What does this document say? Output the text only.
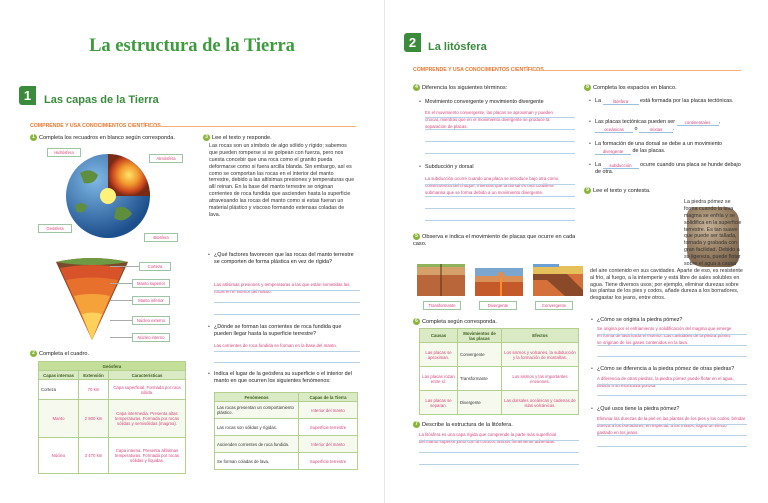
La estructura de la Tierra
1	Las capas de la Tierra
COMPRENDE Y USA CONOCIMIENTOS CIENTÍFICOS
1 Completa los recuadros en blanco según corresponda.
Hidrósfera
Atmósfera
Geósfera
Biosfera
Corteza
Manto superior
Manto inferior
Núcleo externo
Núcleo interno
2 Completa el cuadro.
Geósfera		
Capas internas	Extensión	Características
Corteza	70 km	Capa superficial. Formada por roca sólida.
Manto	2 800 km	Capa intermedia. Presenta altas temperaturas. Formada por rocas sólidas y semisólidas (magma).
Núcleo	3 470 km	Capa interna. Presenta altísimas temperaturas. Formada por rocas sólidas y líquidas.
3 Lee el texto y responde.
Las rocas son un símbolo de algo sólido y rígido; sabemos que pueden romperse si se golpean con fuerza, pero nos cuesta concebir que una roca como el granito pueda deformarse como si fuera arcilla blanda. Sin embargo, así es como se comportan las rocas en el interior del manto terrestre, debido a las altísimas presiones y temperaturas que allí reinan. En la base del manto terrestre se originan corrientes de roca fundida que ascienden hasta la superficie atravesando las rocas del manto como si estas fueran un material plástico y viscoso formando extensas coladas de lava.
• ¿Qué factores favorecen que las rocas del manto terrestre se comporten de forma plástica en vez de rígida?
Las altísimas presiones y temperaturas a las que están sometidas las
rocas en el interior del manto.
• ¿Dónde se forman las corrientes de roca fundida que pueden llegar hasta la superficie terrestre?
Las corrientes de roca fundida se forman en la base del manto.
• Indica el lugar de la geósfera su superficie o el interior del manto en que ocurren los siguientes fenómenos:
Fenómenos	Capas de la Tierra
Las rocas presentan un comportamiento plástico.	Interior del manto
Las rocas son sólidas y rígidas.	Superficie terrestre
Ascienden corrientes de roca fundida.	Interior del manto
Se forman coladas de lava.	Superficie terrestre
2	La litósfera
COMPRENDE Y USA CONOCIMIENTOS CIENTÍFICOS
4 Diferencia los siguientes términos:
• Movimiento convergente y movimiento divergente
En el movimiento convergente, las placas se aproximan y pueden
chocar, mientras que en el movimiento divergente se produce la
separación de placas.
• Subducción y dorsal
La subducción ocurre cuando una placa se introduce bajo otra como
consecuencia del choque, mientras que la dorsal es una cordillera
submarina que se forma debido a un movimiento divergente.
5 Observa e indica el movimiento de placas que ocurre en cada caso.
Transformante	Divergente	Convergente
6 Completa según corresponda.
Causas	Movimientos de las placas	Efectos
Las placas se aproximan.	Convergente	Los sismos y volcanes, la subducción y la formación de montañas.
Las placas rozan entre sí.	Transformante	Los sismos y las importantes erosiones.
Las placas se separan.	Divergente	Las dorsales oceánicas y cadenas de islas volcánicas.
7 Describe la estructura de la litósfera.
La litósfera es una capa rígida que comprende la parte más superficial
del manto superior junto con la corteza, ambos firmemente adheridas.
8 Completa los espacios en blanco.
• La	litósfera está formada por las placas tectónicas.
• Las placas tectónicas pueden ser continentales , oceánicas o	mixtas .
• La formación de una dorsal se debe a un movimiento divergente de las placas.
• La subducción ocurre cuando una placa se hunde debajo de otra.
9 Lee el texto y contesta.
La piedra pómez se forma cuando la lava magma se enfría y se solidifica en la superficie terrestre. Es tan suave que puede ser tallada, tornada y grabada con gran facilidad. Debido a su ligereza, puede flotar sobre el agua a causa del aire contenido en sus cavidades. Aparte de eso, es resistente al frío, al fuego, a la intemperie y está libre de sales solubles en agua. Tiene diversos usos; por ejemplo, eliminar durezas sobre las plantas de los pies y codos, añade dureza a los borradores, desgastar los jeans, entre otros.
• ¿Cómo se origina la piedra pómez?
Se origina por el enfriamiento y solidificación del magma que emerge
en forma de lava hacia el exterior. Las cavidades de la piedra pómez
se originan de los gases contenidos en la lava.
• ¿Cómo se diferencia a la piedra pómez de otras piedras?
A diferencia de otras piedras, la piedra pómez puede flotar en el agua,
debido a su estructura porosa.
• ¿Qué usos tiene la piedra pómez?
Eliminar las durezas de la piel en las plantas de los pies y los codos, brindar
dureza a los borradores, en especial, a los mixtos, lograr un efecto
gastado en los jeans.
